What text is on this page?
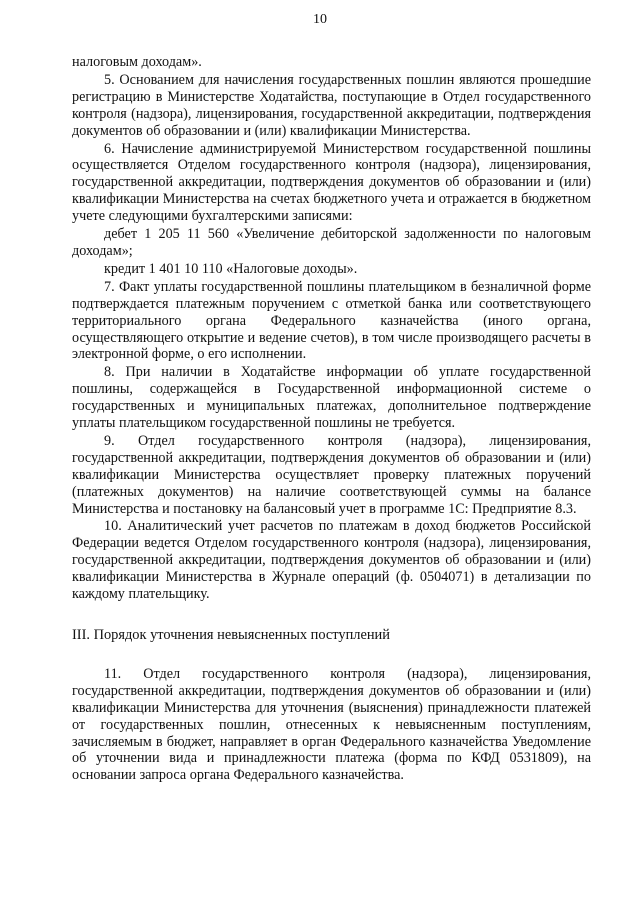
10

налоговым доходам».

5. Основанием для начисления государственных пошлин являются прошедшие регистрацию в Министерстве Ходатайства, поступающие в Отдел государственного контроля (надзора), лицензирования, государственной аккредитации, подтверждения документов об образовании и (или) квалификации Министерства.

6. Начисление администрируемой Министерством государственной пошлины осуществляется Отделом государственного контроля (надзора), лицензирования, государственной аккредитации, подтверждения документов об образовании и (или) квалификации Министерства на счетах бюджетного учета и отражается в бюджетном учете следующими бухгалтерскими записями:

дебет 1 205 11 560 «Увеличение дебиторской задолженности по налоговым доходам»;

кредит 1 401 10 110 «Налоговые доходы».

7. Факт уплаты государственной пошлины плательщиком в безналичной форме подтверждается платежным поручением с отметкой банка или соответствующего территориального органа Федерального казначейства (иного органа, осуществляющего открытие и ведение счетов), в том числе производящего расчеты в электронной форме, о его исполнении.

8. При наличии в Ходатайстве информации об уплате государственной пошлины, содержащейся в Государственной информационной системе о государственных и муниципальных платежах, дополнительное подтверждение уплаты плательщиком государственной пошлины не требуется.

9. Отдел государственного контроля (надзора), лицензирования, государственной аккредитации, подтверждения документов об образовании и (или) квалификации Министерства осуществляет проверку платежных поручений (платежных документов) на наличие соответствующей суммы на балансе Министерства и постановку на балансовый учет в программе 1С: Предприятие 8.3.

10. Аналитический учет расчетов по платежам в доход бюджетов Российской Федерации ведется Отделом государственного контроля (надзора), лицензирования, государственной аккредитации, подтверждения документов об образовании и (или) квалификации Министерства в Журнале операций (ф. 0504071) в детализации по каждому плательщику.

III. Порядок уточнения невыясненных поступлений

11. Отдел государственного контроля (надзора), лицензирования, государственной аккредитации, подтверждения документов об образовании и (или) квалификации Министерства для уточнения (выяснения) принадлежности платежей от государственных пошлин, отнесенных к невыясненным поступлениям, зачисляемым в бюджет, направляет в орган Федерального казначейства Уведомление об уточнении вида и принадлежности платежа (форма по КФД 0531809), на основании запроса органа Федерального казначейства.
